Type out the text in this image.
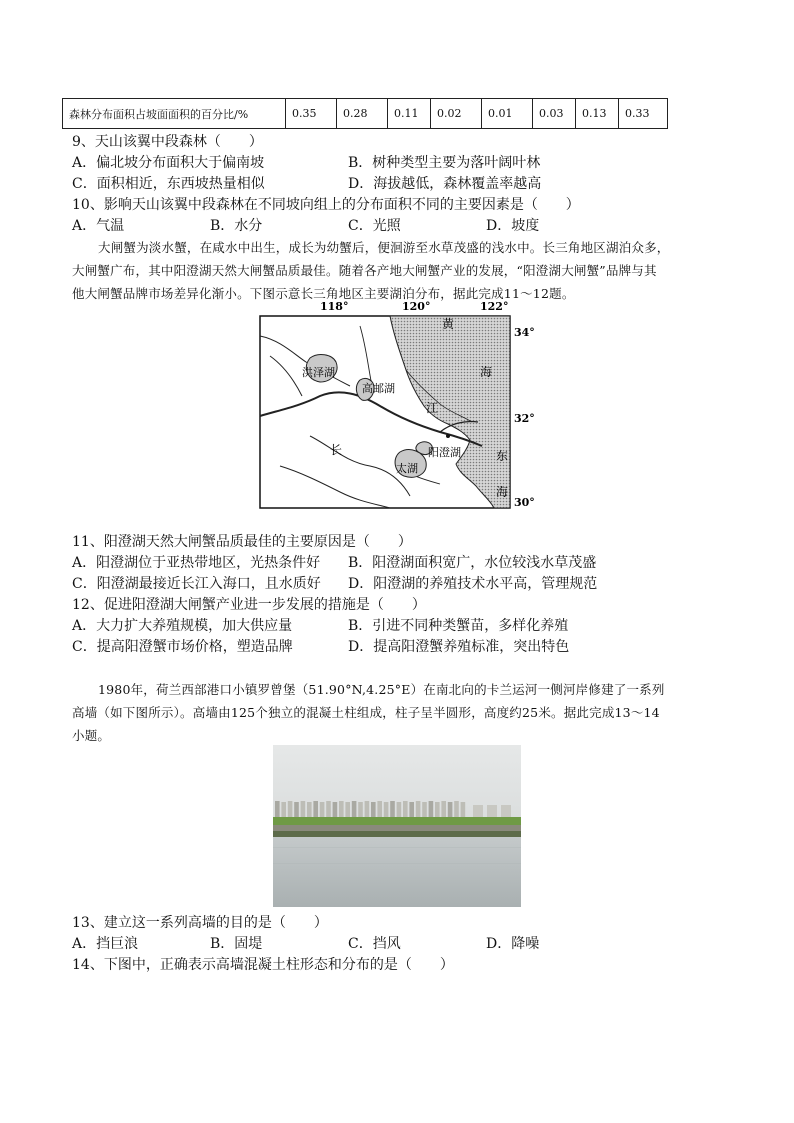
森林分布面积占坡面面积的百分比/%	0.35	0.28	0.11	0.02	0.01	0.03	0.13	0.33
9、天山该翼中段森林（　　）
A．偏北坡分布面积大于偏南坡	B．树种类型主要为落叶阔叶林
C．面积相近，东西坡热量相似	D．海拔越低，森林覆盖率越高
10、影响天山该翼中段森林在不同坡向组上的分布面积不同的主要因素是（　　）
A．气温	B．水分	C．光照	D．坡度
大闸蟹为淡水蟹，在咸水中出生，成长为幼蟹后，便洄游至水草茂盛的浅水中。长三角地区湖泊众多，
大闸蟹广布，其中阳澄湖天然大闸蟹品质最佳。随着各产地大闸蟹产业的发展，“阳澄湖大闸蟹”品牌与其
他大闸蟹品牌市场差异化渐小。下图示意长三角地区主要湖泊分布，据此完成11～12题。
118°	120°	122°
34°
32°
30°
洪泽湖
高邮湖
阳澄湖
太湖
长
江
黄
海
东
海
11、阳澄湖天然大闸蟹品质最佳的主要原因是（　　）
A．阳澄湖位于亚热带地区，光热条件好 B．阳澄湖面积宽广，水位较浅水草茂盛
C．阳澄湖最接近长江入海口，且水质好 D．阳澄湖的养殖技术水平高，管理规范
12、促进阳澄湖大闸蟹产业进一步发展的措施是（　　）
A．大力扩大养殖规模，加大供应量	B．引进不同种类蟹苗，多样化养殖
C．提高阳澄蟹市场价格，塑造品牌	D．提高阳澄蟹养殖标准，突出特色
1980年，荷兰西部港口小镇罗曾堡（51.90°N,4.25°E）在南北向的卡兰运河一侧河岸修建了一系列
高墙（如下图所示）。高墙由125个独立的混凝土柱组成，柱子呈半圆形，高度约25米。据此完成13～14
小题。
13、建立这一系列高墙的目的是（　　）
A．挡巨浪	B．固堤	C．挡风	D．降噪
14、下图中，正确表示高墙混凝土柱形态和分布的是（　　）
